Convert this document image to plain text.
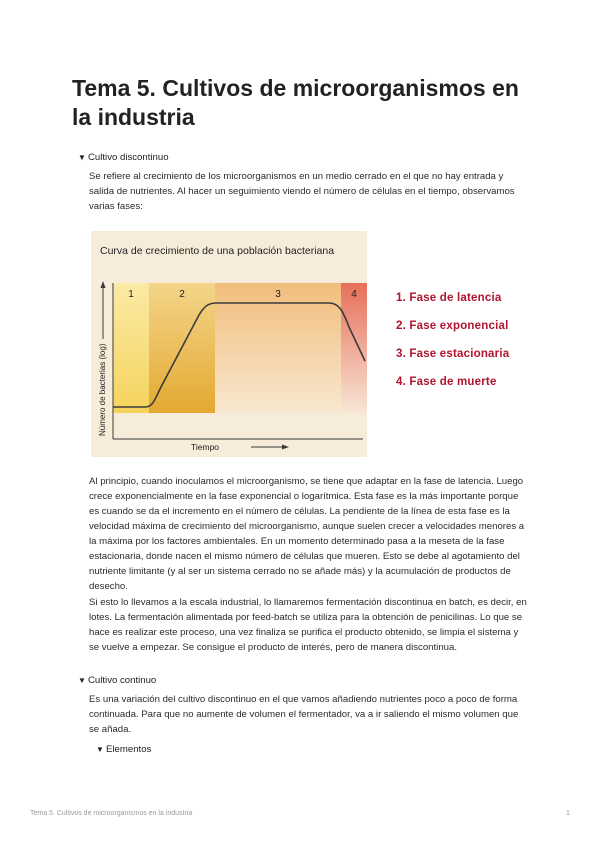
Tema 5. Cultivos de microorganismos en la industria
▼ Cultivo discontinuo

Se refiere al crecimiento de los microorganismos en un medio cerrado en el que no hay entrada y salida de nutrientes. Al hacer un seguimiento viendo el número de células en el tiempo, observamos varias fases:

Curva de crecimiento de una población bacteriana
1	2	3	4
Número de bacterias (log)
Tiempo
1. Fase de latencia
2. Fase exponencial
3. Fase estacionaria
4. Fase de muerte

Al principio, cuando inoculamos el microorganismo, se tiene que adaptar en la fase de latencia. Luego crece exponencialmente en la fase exponencial o logarítmica. Esta fase es la más importante porque es cuando se da el incremento en el número de células. La pendiente de la línea de esta fase es la velocidad máxima de crecimiento del microorganismo, aunque suelen crecer a velocidades menores a la máxima por los factores ambientales. En un momento determinado pasa a la meseta de la fase estacionaria, donde nacen el mismo número de células que mueren. Esto se debe al agotamiento del nutriente limitante (y al ser un sistema cerrado no se añade más) y la acumulación de productos de desecho.

Si esto lo llevamos a la escala industrial, lo llamaremos fermentación discontinua en batch, es decir, en lotes. La fermentación alimentada por feed-batch se utiliza para la obtención de penicilinas. Lo que se hace es realizar este proceso, una vez finaliza se purifica el producto obtenido, se limpia el sistema y se vuelve a empezar. Se consigue el producto de interés, pero de manera discontinua.

▼ Cultivo continuo

Es una variación del cultivo discontinuo en el que vamos añadiendo nutrientes poco a poco de forma continuada. Para que no aumente de volumen el fermentador, va a ir saliendo el mismo volumen que se añada.

▼ Elementos
Tema 5. Cultivos de microorganismos en la industria	1
